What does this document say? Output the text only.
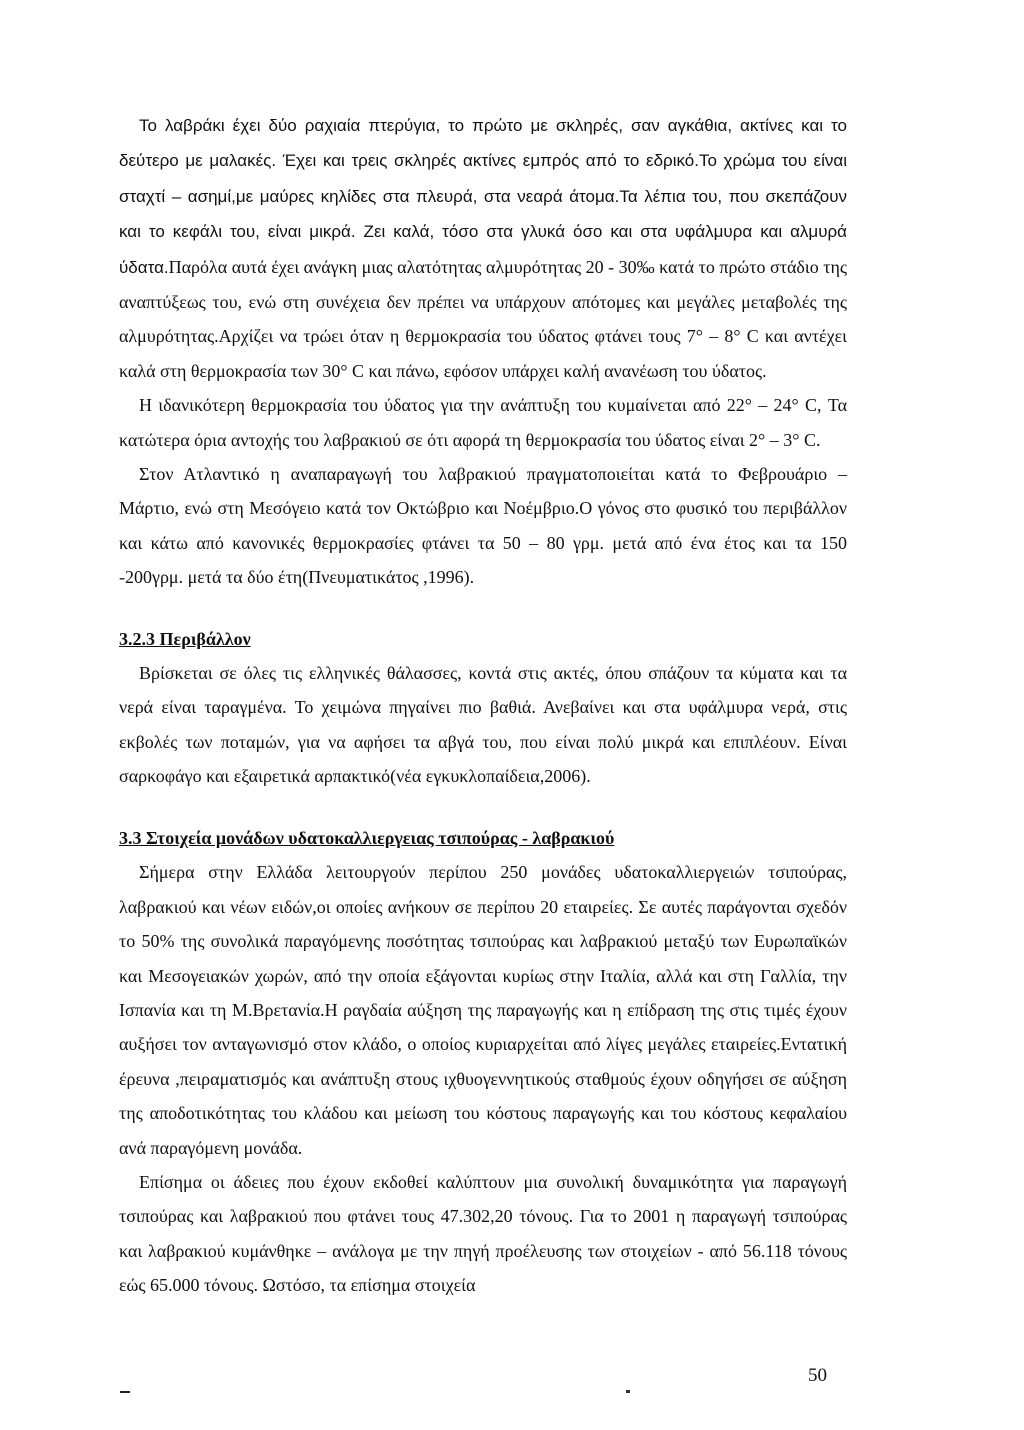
Το λαβράκι έχει δύο ραχιαία πτερύγια, το πρώτο με σκληρές, σαν αγκάθια, ακτίνες και το δεύτερο με μαλακές. Έχει και τρεις σκληρές ακτίνες εμπρός από το εδρικό.Το χρώμα του είναι σταχτί – ασημί,με μαύρες κηλίδες στα πλευρά, στα νεαρά άτομα.Τα λέπια του, που σκεπάζουν και το κεφάλι του, είναι μικρά. Ζει καλά, τόσο στα γλυκά όσο και στα υφάλμυρα και αλμυρά ύδατα.Παρόλα αυτά έχει ανάγκη μιας αλατότητας αλμυρότητας 20 - 30‰ κατά το πρώτο στάδιο της αναπτύξεως του, ενώ στη συνέχεια δεν πρέπει να υπάρχουν απότομες και μεγάλες μεταβολές της αλμυρότητας.Αρχίζει να τρώει όταν η θερμοκρασία του ύδατος φτάνει τους 7° – 8° C και αντέχει καλά στη θερμοκρασία των 30° C και πάνω, εφόσον υπάρχει καλή ανανέωση του ύδατος.

Η ιδανικότερη θερμοκρασία του ύδατος για την ανάπτυξη του κυμαίνεται από 22° – 24° C, Τα κατώτερα όρια αντοχής του λαβρακιού σε ότι αφορά τη θερμοκρασία του ύδατος είναι 2° – 3° C.

Στον Ατλαντικό η αναπαραγωγή του λαβρακιού πραγματοποιείται κατά το Φεβρουάριο – Μάρτιο, ενώ στη Μεσόγειο κατά τον Οκτώβριο και Νοέμβριο.Ο γόνος στο φυσικό του περιβάλλον και κάτω από κανονικές θερμοκρασίες φτάνει τα 50 – 80 γρμ. μετά από ένα έτος και τα 150 -200γρμ. μετά τα δύο έτη(Πνευματικάτος ,1996).

3.2.3 Περιβάλλον

Βρίσκεται σε όλες τις ελληνικές θάλασσες, κοντά στις ακτές, όπου σπάζουν τα κύματα και τα νερά είναι ταραγμένα. Το χειμώνα πηγαίνει πιο βαθιά. Ανεβαίνει και στα υφάλμυρα νερά, στις εκβολές των ποταμών, για να αφήσει τα αβγά του, που είναι πολύ μικρά και επιπλέουν. Είναι σαρκοφάγο και εξαιρετικά αρπακτικό(νέα εγκυκλοπαίδεια,2006).

3.3 Στοιχεία μονάδων υδατοκαλλιεργειας τσιπούρας - λαβρακιού

Σήμερα στην Ελλάδα λειτουργούν περίπου 250 μονάδες υδατοκαλλιεργειών τσιπούρας, λαβρακιού και νέων ειδών,οι οποίες ανήκουν σε περίπου 20 εταιρείες. Σε αυτές παράγονται σχεδόν το 50% της συνολικά παραγόμενης ποσότητας τσιπούρας και λαβρακιού μεταξύ των Ευρωπαϊκών και Μεσογειακών χωρών, από την οποία εξάγονται κυρίως στην Ιταλία, αλλά και στη Γαλλία, την Ισπανία και τη Μ.Βρετανία.Η ραγδαία αύξηση της παραγωγής και η επίδραση της στις τιμές έχουν αυξήσει τον ανταγωνισμό στον κλάδο, ο οποίος κυριαρχείται από λίγες μεγάλες εταιρείες.Εντατική έρευνα ,πειραματισμός και ανάπτυξη στους ιχθυογεννητικούς σταθμούς έχουν οδηγήσει σε αύξηση της αποδοτικότητας του κλάδου και μείωση του κόστους παραγωγής και του κόστους κεφαλαίου ανά παραγόμενη μονάδα.

Επίσημα οι άδειες που έχουν εκδοθεί καλύπτουν μια συνολική δυναμικότητα για παραγωγή τσιπούρας και λαβρακιού που φτάνει τους 47.302,20 τόνους. Για το 2001 η παραγωγή τσιπούρας και λαβρακιού κυμάνθηκε – ανάλογα με την πηγή προέλευσης των στοιχείων - από 56.118 τόνους εώς 65.000 τόνους. Ωστόσο, τα επίσημα στοιχεία

50
